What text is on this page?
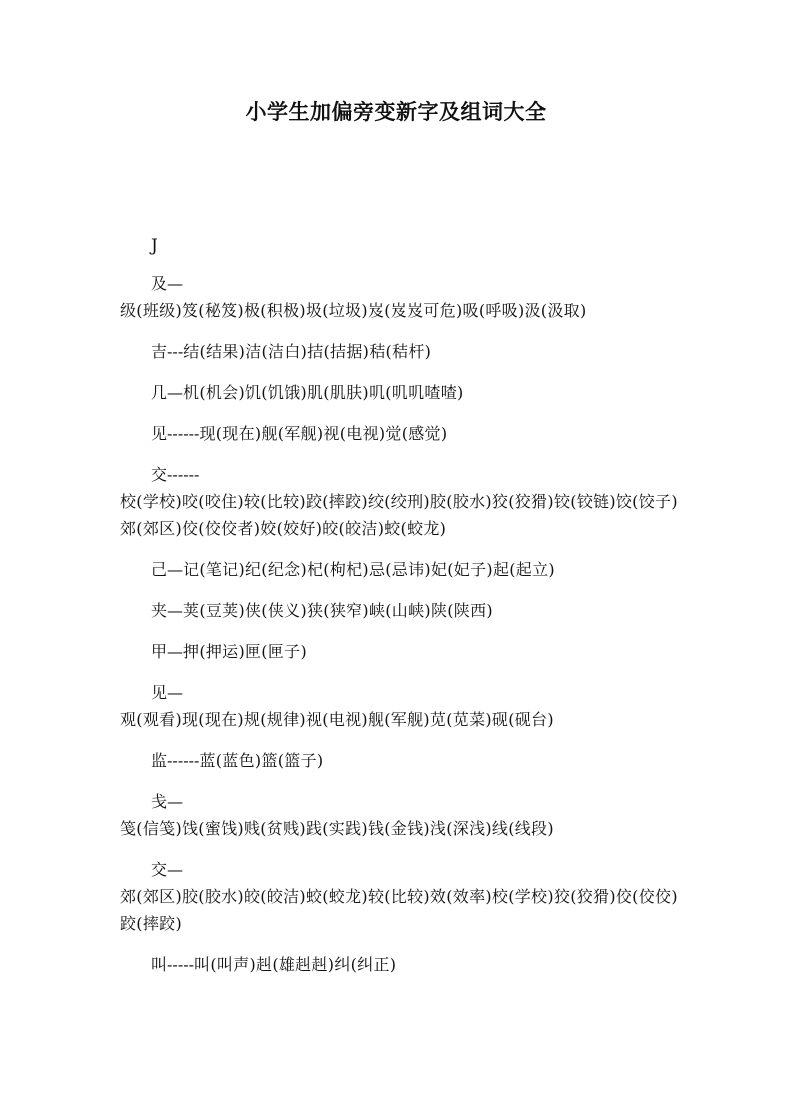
小学生加偏旁变新字及组词大全
J
及—
级(班级)笈(秘笈)极(积极)圾(垃圾)岌(岌岌可危)吸(呼吸)汲(汲取)
吉---结(结果)洁(洁白)拮(拮据)秸(秸杆)
几—机(机会)饥(饥饿)肌(肌肤)叽(叽叽喳喳)
见------现(现在)舰(军舰)视(电视)觉(感觉)
交------
校(学校)咬(咬住)较(比较)跤(摔跤)绞(绞刑)胶(胶水)狡(狡猾)铰(铰链)饺(饺子)郊(郊区)佼(佼佼者)姣(姣好)皎(皎洁)蛟(蛟龙)
己—记(笔记)纪(纪念)杞(枸杞)忌(忌讳)妃(妃子)起(起立)
夹—荚(豆荚)侠(侠义)狭(狭窄)峡(山峡)陕(陕西)
甲—押(押运)匣(匣子)
见—
观(观看)现(现在)规(规律)视(电视)舰(军舰)苋(苋菜)砚(砚台)
监------蓝(蓝色)篮(篮子)
戋—
笺(信笺)饯(蜜饯)贱(贫贱)践(实践)钱(金钱)浅(深浅)线(线段)
交—
郊(郊区)胶(胶水)皎(皎洁)蛟(蛟龙)较(比较)效(效率)校(学校)狡(狡猾)佼(佼佼)跤(摔跤)
叫-----叫(叫声)赳(雄赳赳)纠(纠正)
